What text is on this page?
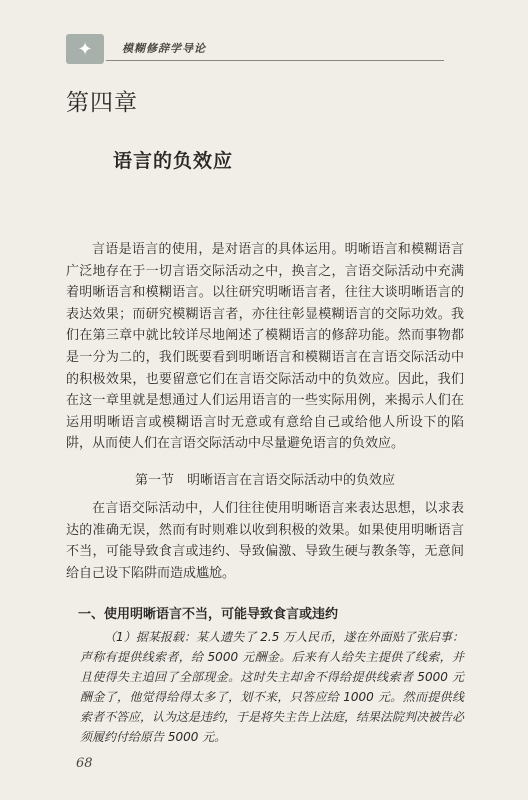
✦	模糊修辞学导论
第四章
语言的负效应

言语是语言的使用，是对语言的具体运用。明晰语言和模糊语言广泛地存在于一切言语交际活动之中，换言之，言语交际活动中充满着明晰语言和模糊语言。以往研究明晰语言者，往往大谈明晰语言的表达效果；而研究模糊语言者，亦往往彰显模糊语言的交际功效。我们在第三章中就比较详尽地阐述了模糊语言的修辞功能。然而事物都是一分为二的，我们既要看到明晰语言和模糊语言在言语交际活动中的积极效果，也要留意它们在言语交际活动中的负效应。因此，我们在这一章里就是想通过人们运用语言的一些实际用例，来揭示人们在运用明晰语言或模糊语言时无意或有意给自己或给他人所设下的陷阱，从而使人们在言语交际活动中尽量避免语言的负效应。

第一节　明晰语言在言语交际活动中的负效应

在言语交际活动中，人们往往使用明晰语言来表达思想，以求表达的准确无误，然而有时则难以收到积极的效果。如果使用明晰语言不当，可能导致食言或违约、导致偏激、导致生硬与教条等，无意间给自己设下陷阱而造成尴尬。

一、使用明晰语言不当，可能导致食言或违约

（1）据某报载：某人遗失了 2.5 万人民币，遂在外面贴了张启事：声称有提供线索者，给 5000 元酬金。后来有人给失主提供了线索，并且使得失主追回了全部现金。这时失主却舍不得给提供线索者 5000 元酬金了，他觉得给得太多了，划不来，只答应给 1000 元。然而提供线索者不答应，认为这是违约，于是将失主告上法庭，结果法院判决被告必须履约付给原告 5000 元。

68
